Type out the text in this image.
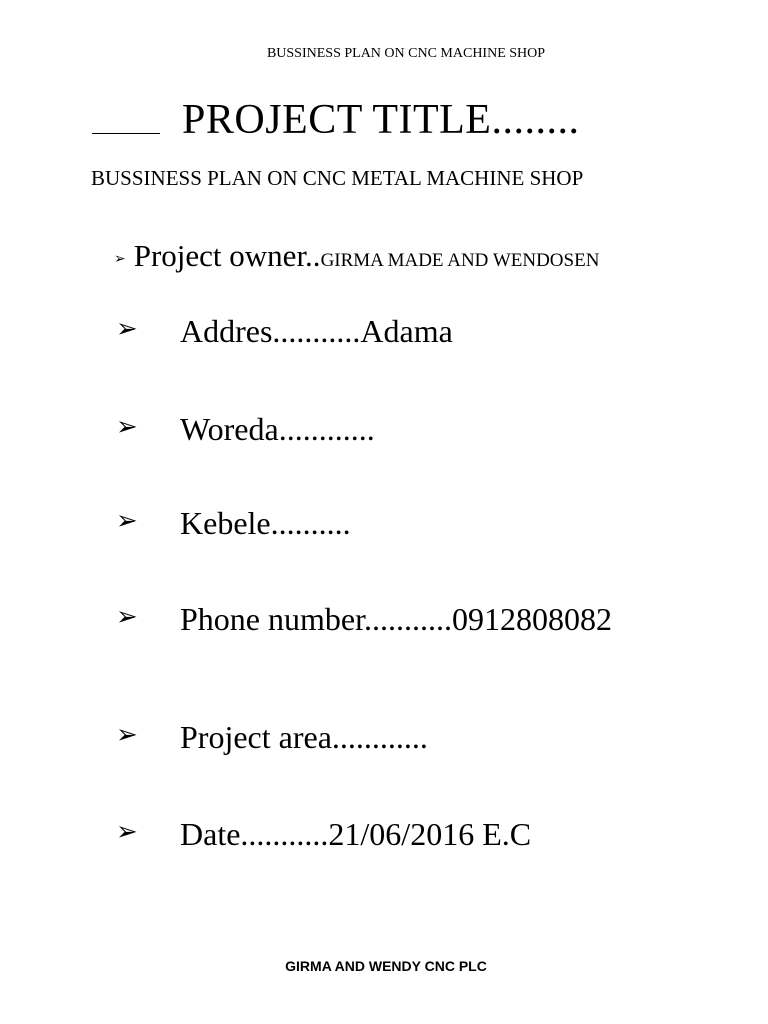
BUSSINESS PLAN ON CNC MACHINE SHOP
PROJECT TITLE........
BUSSINESS PLAN ON CNC METAL MACHINE SHOP
➢ Project owner..GIRMA MADE AND WENDOSEN
➢ Addres...........Adama
➢ Woreda............
➢ Kebele..........
➢ Phone number...........0912808082
➢ Project area............
➢ Date...........21/06/2016 E.C
GIRMA AND WENDY CNC PLC
